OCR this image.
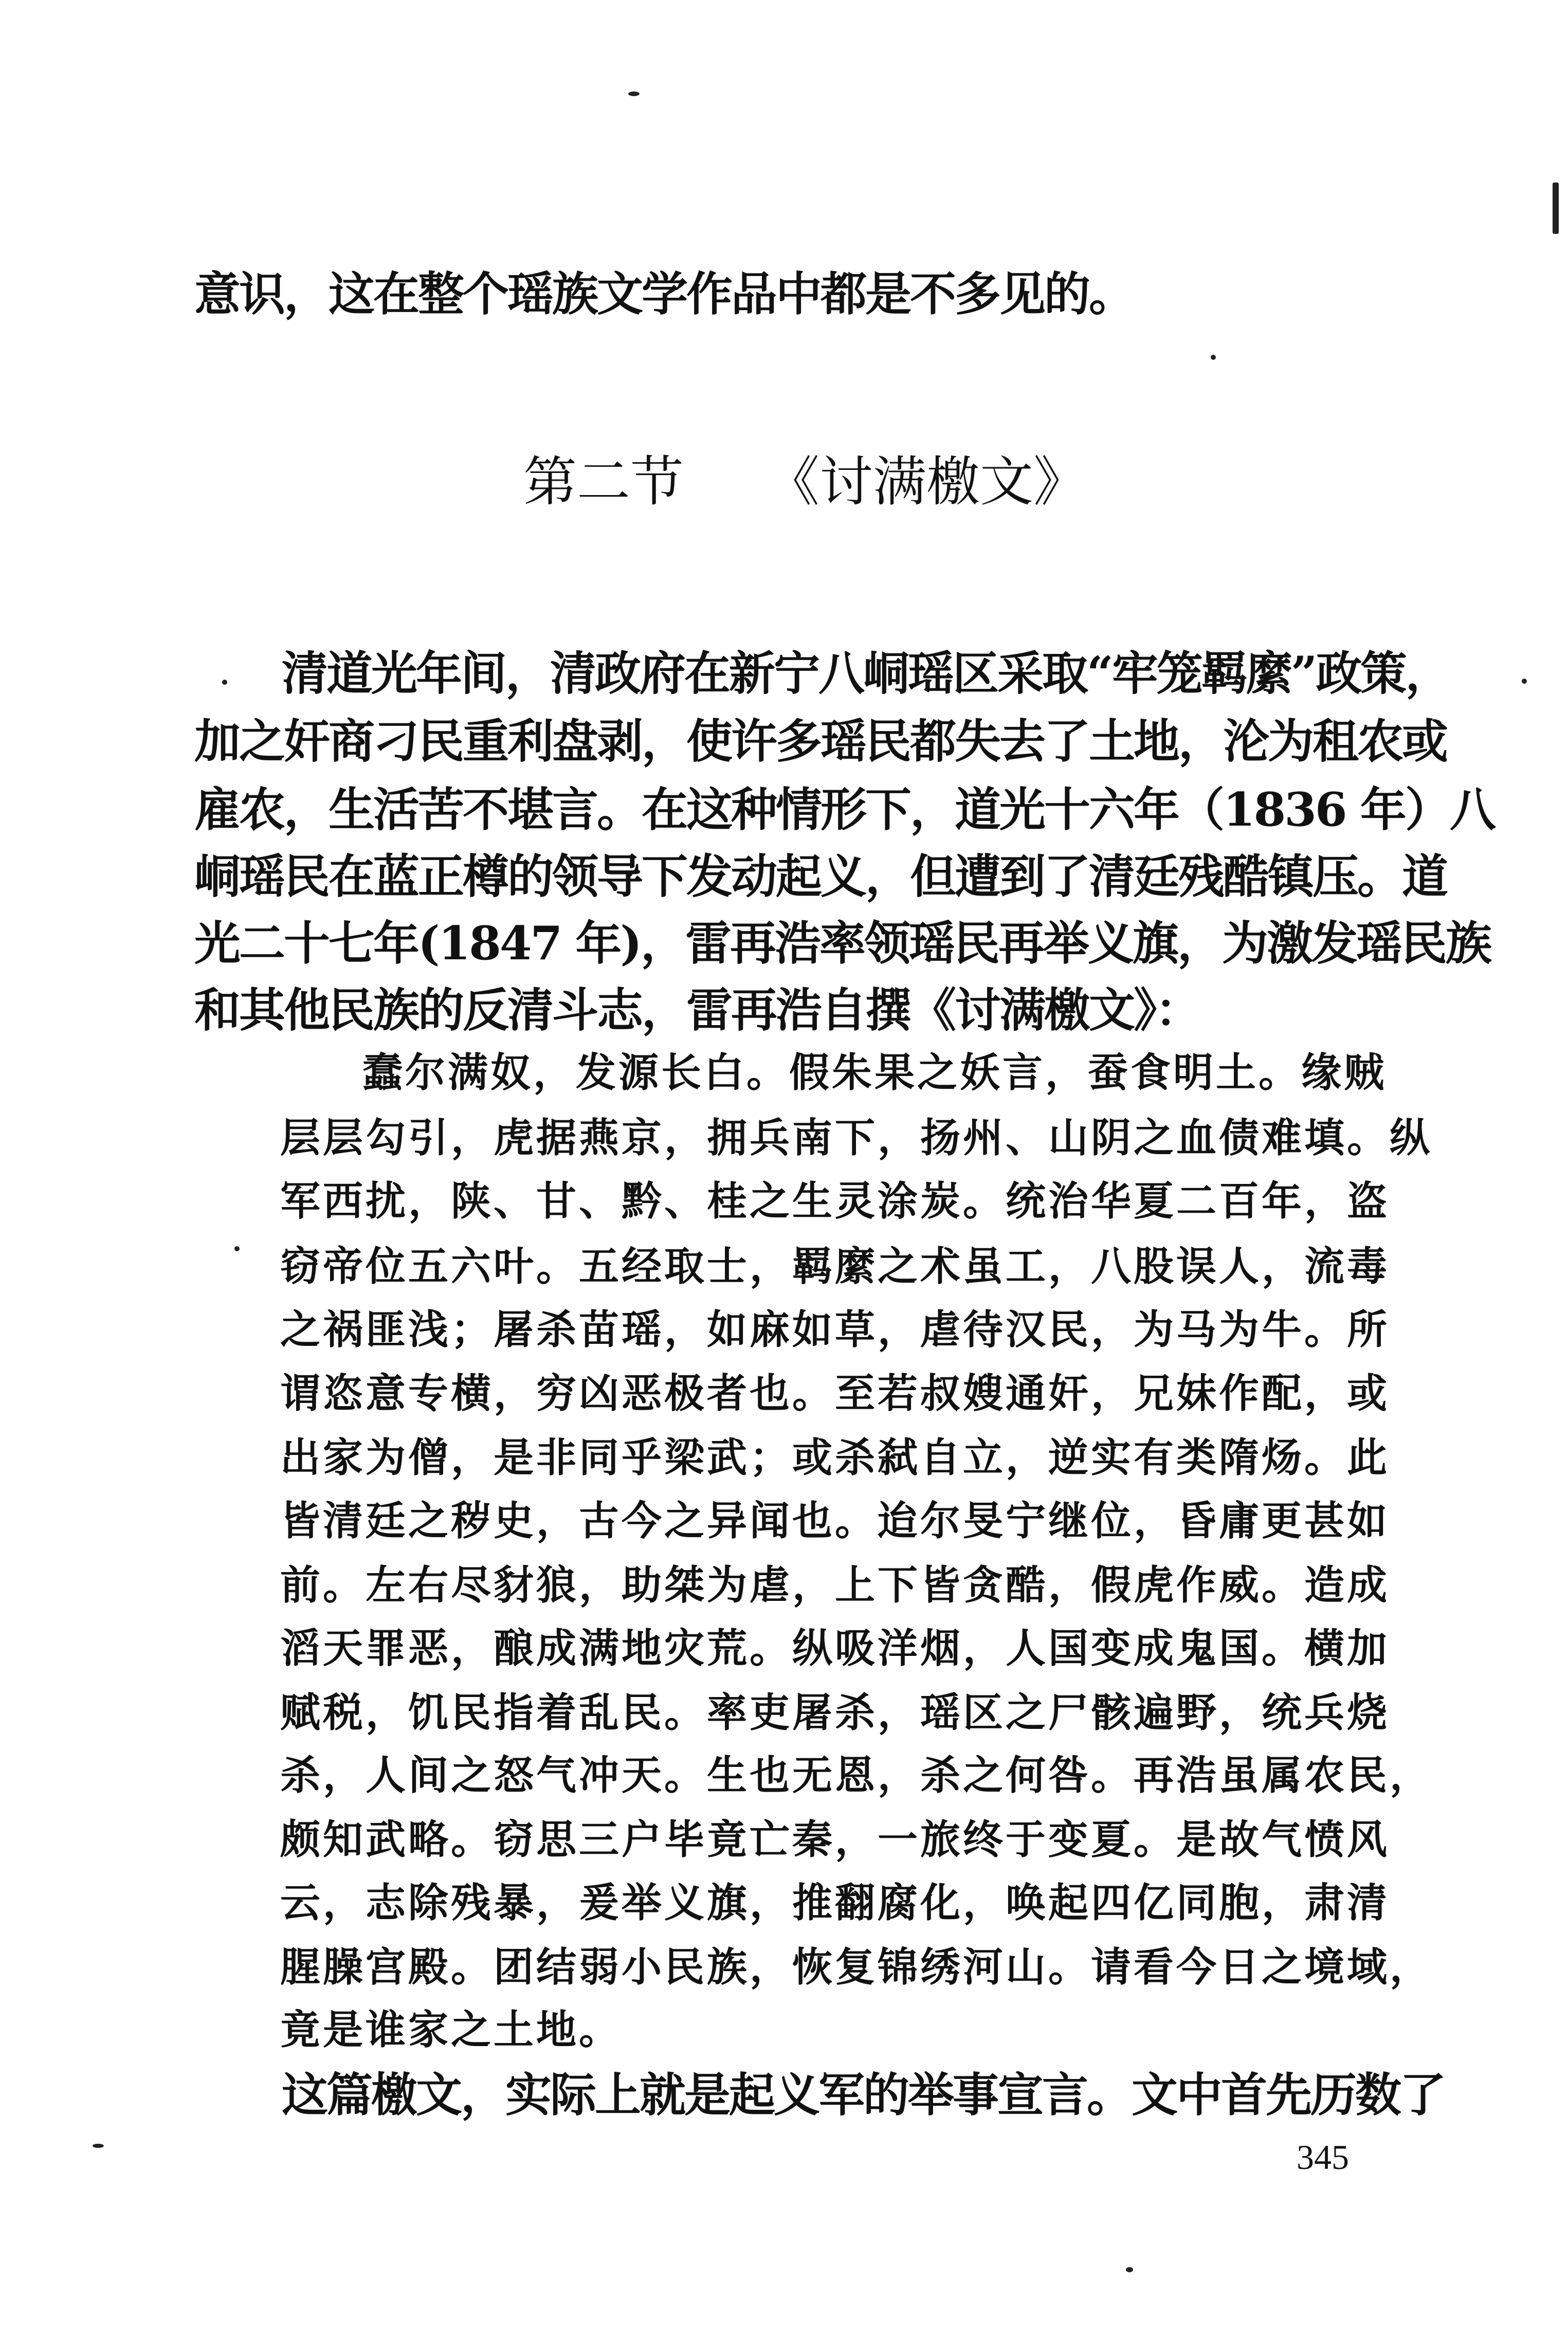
意识，这在整个瑶族文学作品中都是不多见的。

第二节 《讨满檄文》

清道光年间，清政府在新宁八峒瑶区采取“牢笼羁縻”政策，

加之奸商刁民重利盘剥，使许多瑶民都失去了土地，沦为租农或

雇农，生活苦不堪言。在这种情形下，道光十六年（1836 年）八

峒瑶民在蓝正樽的领导下发动起义，但遭到了清廷残酷镇压。道

光二十七年(1847 年)，雷再浩率领瑶民再举义旗，为激发瑶民族

和其他民族的反清斗志，雷再浩自撰《讨满檄文》：

蠢尔满奴，发源长白。假朱果之妖言，蚕食明土。缘贼

层层勾引，虎据燕京，拥兵南下，扬州、山阴之血债难填。纵

军西扰，陕、甘、黔、桂之生灵涂炭。统治华夏二百年，盗

窃帝位五六叶。五经取士，羁縻之术虽工，八股误人，流毒

之祸匪浅；屠杀苗瑶，如麻如草，虐待汉民，为马为牛。所

谓恣意专横，穷凶恶极者也。至若叔嫂通奸，兄妹作配，或

出家为僧，是非同乎梁武；或杀弑自立，逆实有类隋炀。此

皆清廷之秽史，古今之异闻也。迨尔旻宁继位，昏庸更甚如

前。左右尽豺狼，助桀为虐，上下皆贪酷，假虎作威。造成

滔天罪恶，酿成满地灾荒。纵吸洋烟，人国变成鬼国。横加

赋税，饥民指着乱民。率吏屠杀，瑶区之尸骸遍野，统兵烧

杀，人间之怒气冲天。生也无恩，杀之何咎。再浩虽属农民，

颇知武略。窃思三户毕竟亡秦，一旅终于变夏。是故气愤风

云，志除残暴，爰举义旗，推翻腐化，唤起四亿同胞，肃清

腥臊宫殿。团结弱小民族，恢复锦绣河山。请看今日之境域，

竟是谁家之土地。

这篇檄文，实际上就是起义军的举事宣言。文中首先历数了

345
